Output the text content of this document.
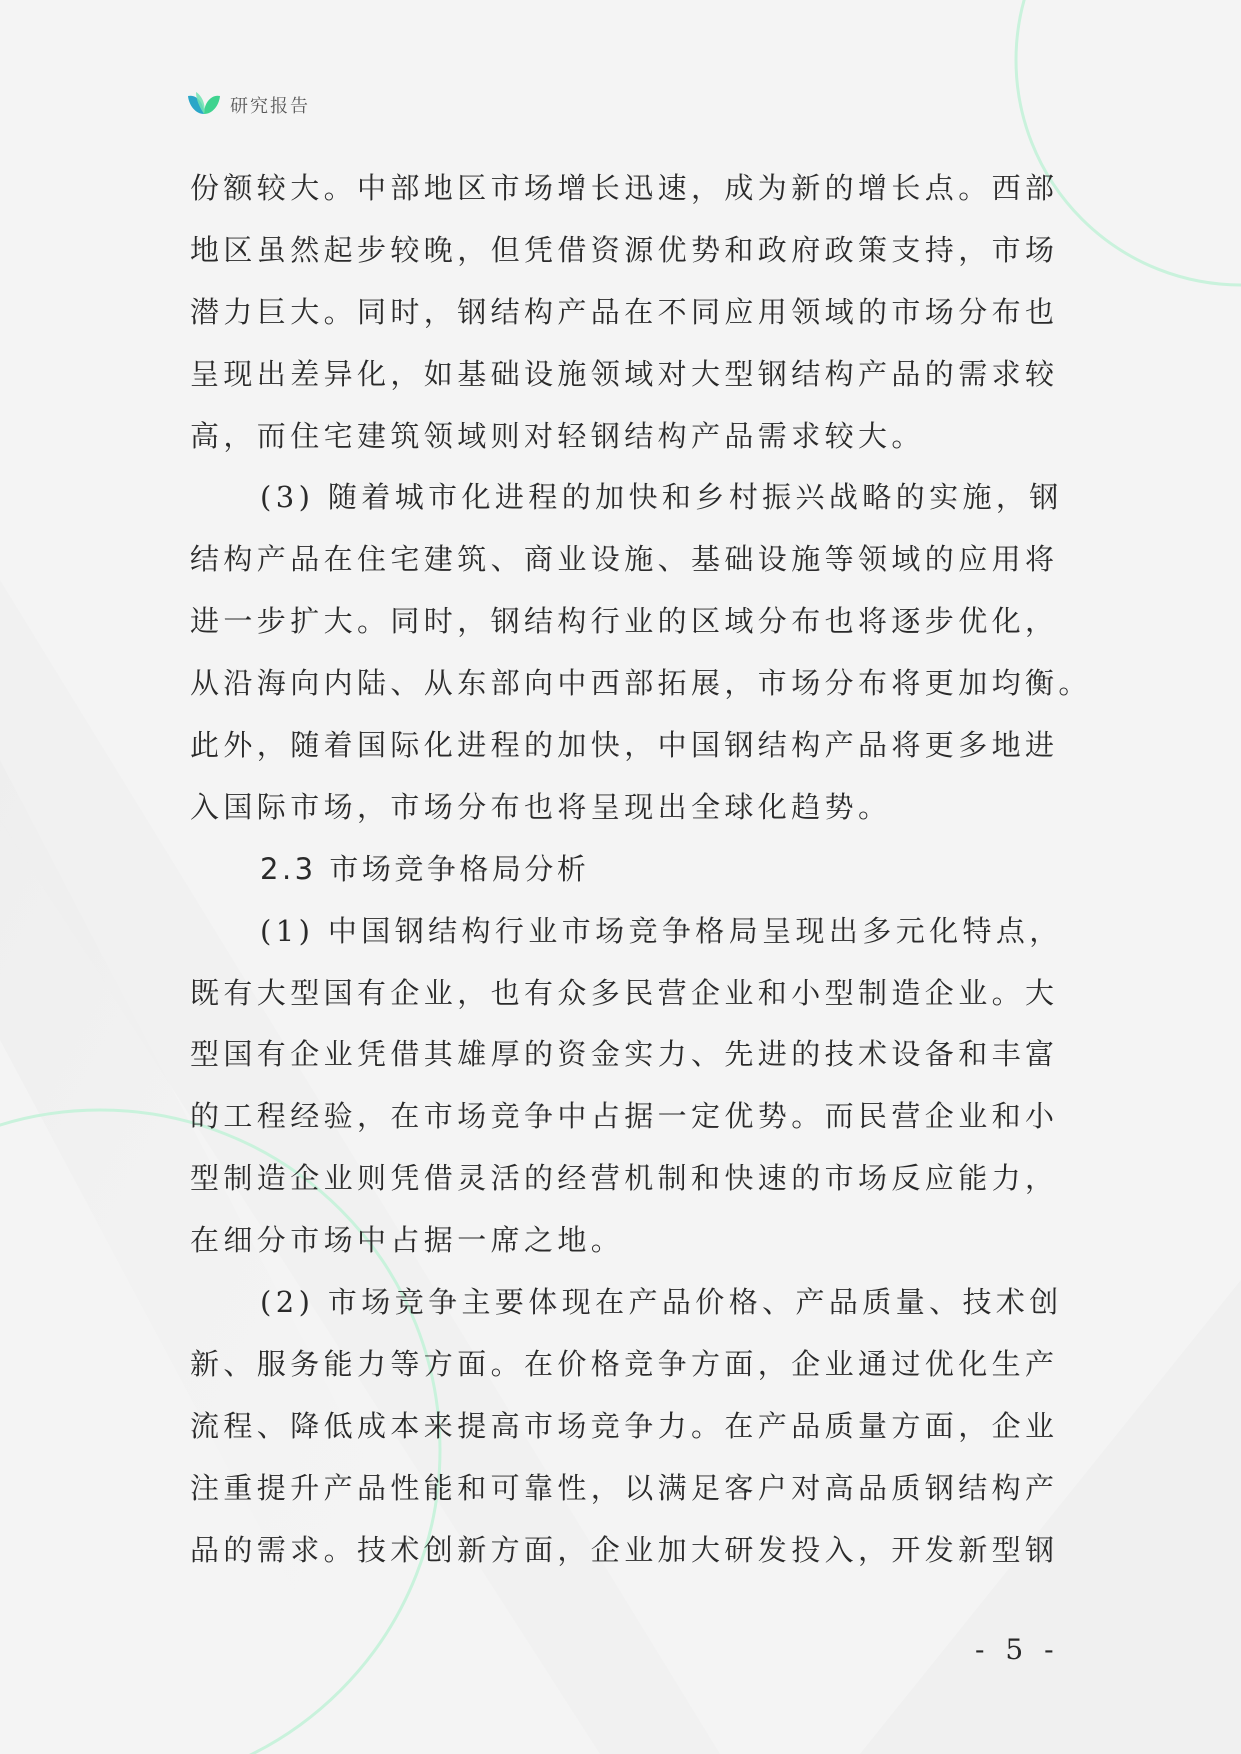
研究报告
份额较大。中部地区市场增长迅速，成为新的增长点。西部
地区虽然起步较晚，但凭借资源优势和政府政策支持，市场
潜力巨大。同时，钢结构产品在不同应用领域的市场分布也
呈现出差异化，如基础设施领域对大型钢结构产品的需求较
高，而住宅建筑领域则对轻钢结构产品需求较大。
(3) 随着城市化进程的加快和乡村振兴战略的实施，钢
结构产品在住宅建筑、商业设施、基础设施等领域的应用将
进一步扩大。同时，钢结构行业的区域分布也将逐步优化，
从沿海向内陆、从东部向中西部拓展，市场分布将更加均衡。
此外，随着国际化进程的加快，中国钢结构产品将更多地进
入国际市场，市场分布也将呈现出全球化趋势。
2.3 市场竞争格局分析
(1) 中国钢结构行业市场竞争格局呈现出多元化特点，
既有大型国有企业，也有众多民营企业和小型制造企业。大
型国有企业凭借其雄厚的资金实力、先进的技术设备和丰富
的工程经验，在市场竞争中占据一定优势。而民营企业和小
型制造企业则凭借灵活的经营机制和快速的市场反应能力，
在细分市场中占据一席之地。
(2) 市场竞争主要体现在产品价格、产品质量、技术创
新、服务能力等方面。在价格竞争方面，企业通过优化生产
流程、降低成本来提高市场竞争力。在产品质量方面，企业
注重提升产品性能和可靠性，以满足客户对高品质钢结构产
品的需求。技术创新方面，企业加大研发投入，开发新型钢
- 5 -
